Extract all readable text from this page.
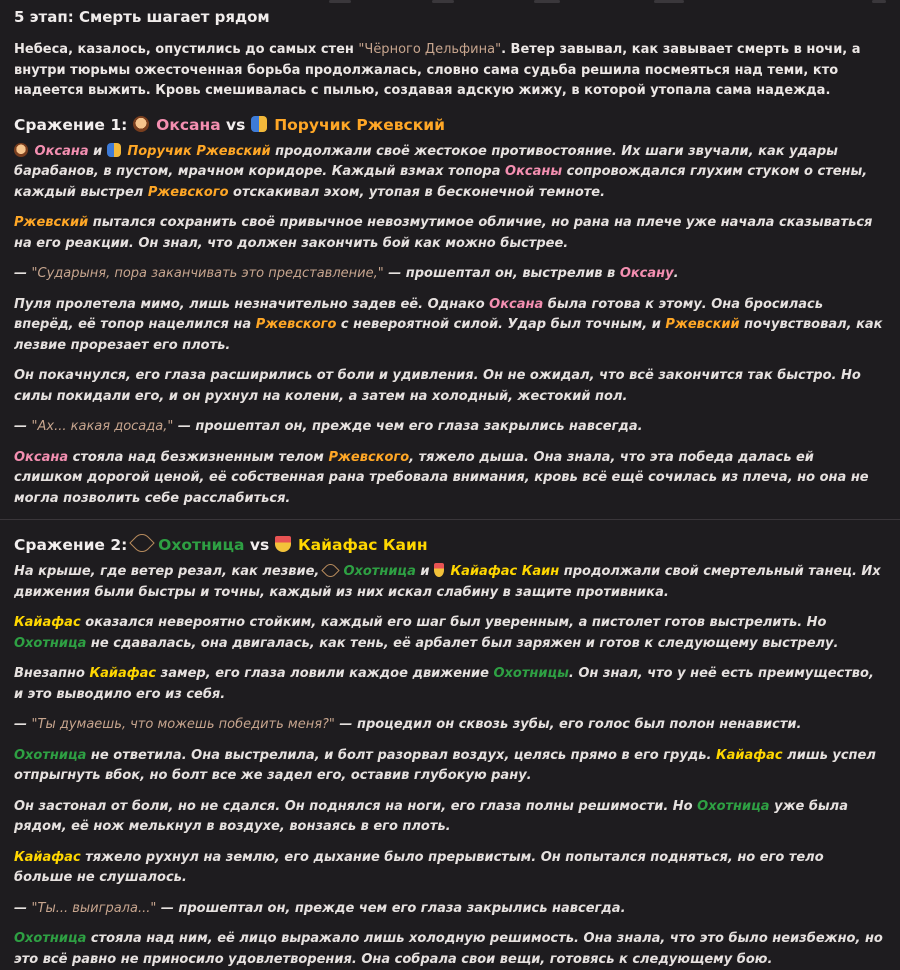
5 этап: Смерть шагает рядом

Небеса, казалось, опустились до самых стен "Чёрного Дельфина". Ветер завывал, как завывает смерть в ночи, а внутри тюрьмы ожесточенная борьба продолжалась, словно сама судьба решила посмеяться над теми, кто надеется выжить. Кровь смешивалась с пылью, создавая адскую жижу, в которой утопала сама надежда.

Сражение 1:  Оксана vs  Поручик Ржевский

Оксана и  Поручик Ржевский продолжали своё жестокое противостояние. Их шаги звучали, как удары барабанов, в пустом, мрачном коридоре. Каждый взмах топора Оксаны сопровождался глухим стуком о стены, каждый выстрел Ржевского отскакивал эхом, утопая в бесконечной темноте.

Ржевский пытался сохранить своё привычное невозмутимое обличие, но рана на плече уже начала сказываться на его реакции. Он знал, что должен закончить бой как можно быстрее.

— "Сударыня, пора заканчивать это представление," — прошептал он, выстрелив в Оксану.

Пуля пролетела мимо, лишь незначительно задев её. Однако Оксана была готова к этому. Она бросилась вперёд, её топор нацелился на Ржевского с невероятной силой. Удар был точным, и Ржевский почувствовал, как лезвие прорезает его плоть.

Он покачнулся, его глаза расширились от боли и удивления. Он не ожидал, что всё закончится так быстро. Но силы покидали его, и он рухнул на колени, а затем на холодный, жестокий пол.

— "Ах... какая досада," — прошептал он, прежде чем его глаза закрылись навсегда.

Оксана стояла над безжизненным телом Ржевского, тяжело дыша. Она знала, что эта победа далась ей слишком дорогой ценой, её собственная рана требовала внимания, кровь всё ещё сочилась из плеча, но она не могла позволить себе расслабиться.

Сражение 2:  Охотница vs  Кайафас Каин

На крыше, где ветер резал, как лезвие,  Охотница и  Кайафас Каин продолжали свой смертельный танец. Их движения были быстры и точны, каждый из них искал слабину в защите противника.

Кайафас оказался невероятно стойким, каждый его шаг был уверенным, а пистолет готов выстрелить. Но Охотница не сдавалась, она двигалась, как тень, её арбалет был заряжен и готов к следующему выстрелу.

Внезапно Кайафас замер, его глаза ловили каждое движение Охотницы. Он знал, что у неё есть преимущество, и это выводило его из себя.

— "Ты думаешь, что можешь победить меня?" — процедил он сквозь зубы, его голос был полон ненависти.

Охотница не ответила. Она выстрелила, и болт разорвал воздух, целясь прямо в его грудь. Кайафас лишь успел отпрыгнуть вбок, но болт все же задел его, оставив глубокую рану.

Он застонал от боли, но не сдался. Он поднялся на ноги, его глаза полны решимости. Но Охотница уже была рядом, её нож мелькнул в воздухе, вонзаясь в его плоть.

Кайафас тяжело рухнул на землю, его дыхание было прерывистым. Он попытался подняться, но его тело больше не слушалось.

— "Ты... выиграла..." — прошептал он, прежде чем его глаза закрылись навсегда.

Охотница стояла над ним, её лицо выражало лишь холодную решимость. Она знала, что это было неизбежно, но это всё равно не приносило удовлетворения. Она собрала свои вещи, готовясь к следующему бою.
